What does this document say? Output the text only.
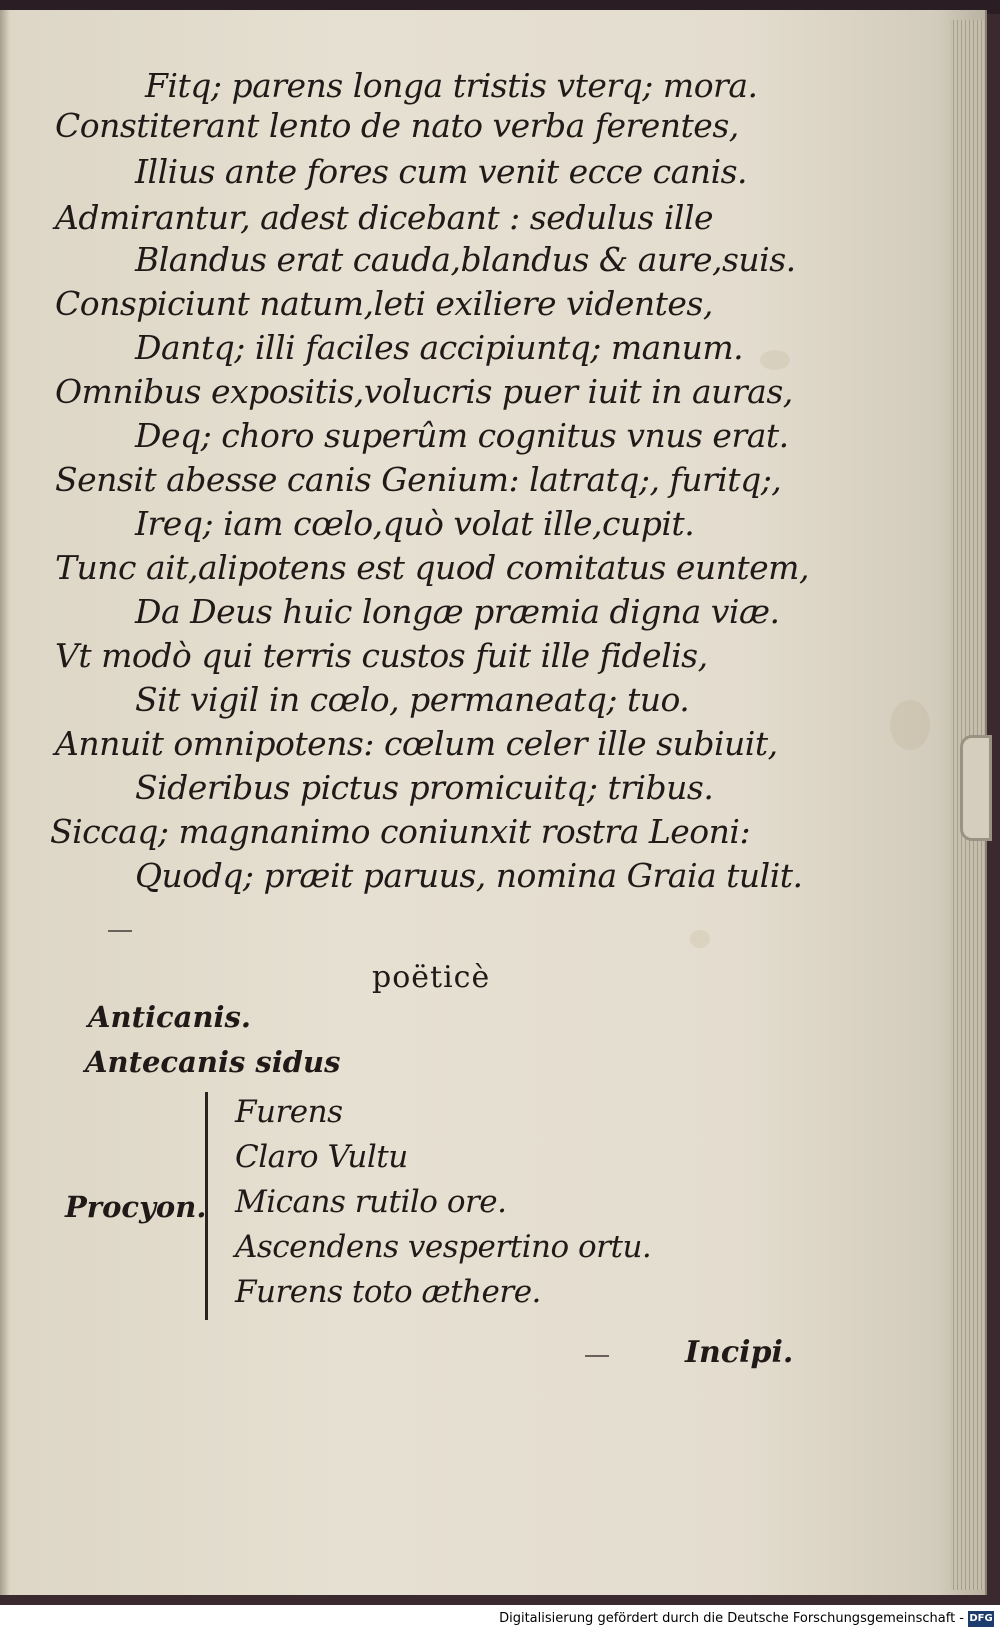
Fitq; parens longa tristis vterq; mora.
Constiterant lento de nato verba ferentes,
Illius ante fores cum venit ecce canis.
Admirantur, adest dicebant : sedulus ille
Blandus erat cauda,blandus & aure,suis.
Conspiciunt natum,leti exiliere videntes,
Dantq; illi faciles accipiuntq; manum.
Omnibus expositis,volucris puer iuit in auras,
Deq; choro superûm cognitus vnus erat.
Sensit abesse canis Genium: latratq;, furitq;,
Ireq; iam cœlo,quò volat ille,cupit.
Tunc ait,alipotens est quod comitatus euntem,
Da Deus huic longæ præmia digna viæ.
Vt modò qui terris custos fuit ille fidelis,
Sit vigil in cœlo, permaneatq; tuo.
Annuit omnipotens: cœlum celer ille subiuit,
Sideribus pictus promicuitq; tribus.
Siccaq; magnanimo coniunxit rostra Leoni:
Quodq; præit paruus, nomina Graia tulit.
poëticè
Anticanis.
Antecanis sidus
Procyon.
Furens
Claro Vultu
Micans rutilo ore.
Ascendens vespertino ortu.
Furens toto æthere.
Incipi.
Digitalisierung gefördert durch die Deutsche Forschungsgemeinschaft - DFG
